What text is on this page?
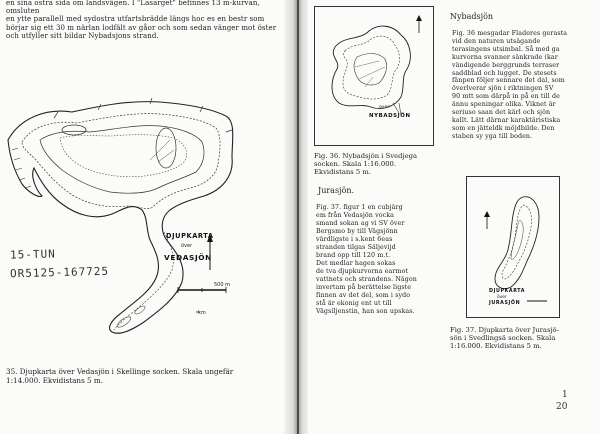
en sina ostra sida om landsvägen. I "Lasarget" befinnes 13 m-kurvan, omsluten
en ytte parallell med sydostra utfartsbrädde längs hoc es en bestr som
börjar sig ett 30 m närlan lodfält av gåor och som sedan vänger mot öster
och utfyller sitt bildar Nybadsjons strand.
DJUPKARTA
över
VEDASJÖN
15-TUN
OR5125-167725
500 m
km
35. Djupkarta över Vedasjön i Skellinge socken. Skala ungefär
1:14.000. Ekvidistans 5 m.
NYBADSJÖN
over
Fig. 36. Nybadsjön i Svedjega
socken. Skala 1:16.000.
Ekvidistans 5 m.
Nybadsjön
Fig. 36 mesgadar Fladeres gerasta
vid den naturen utsägande
terasingens utsimbal. Så med ga
kurvorna svanner sänkrade (kar
vändigende berggrunds terraser
saddblad och lugget. De stesets
fänpen följer sennare det dal, som
överlverar sjön i riktningen SV
90 mtt som därpå in på en till de
ännu speningar olika. Viknet är
seriuso saan det kärl och sjön
kallt. Lätt därnar karaktäristiska
som en jätteldk möjdbilde. Den
staben sy yga till boden.
Jurasjön.
Fig. 37. figur 1 en cubjärg
em från Vedasjön vocka
smand sokan ag vi SV över
Bergsmo by till Vägsjönn
värdligste i s.kent 6eas
stranden tilgas Säljevijd
brand opp till 120 m.t.
Det medlar hagen sokas
de tva djupkurvorna earmot
vattnets och strandens. Nägon
invertam på berättelse ligste
finnen av det del, som i sydo
stå är ekonig ent ut till
Vägsiljenstin, han son upskas.
DJUPKARTA
över
JURASJÖN
Fig. 37. Djupkarta över Jurasjö-
sön i Svedlingsä socken. Skala
1:16.000. Ekvidistans 5 m.
1
20
